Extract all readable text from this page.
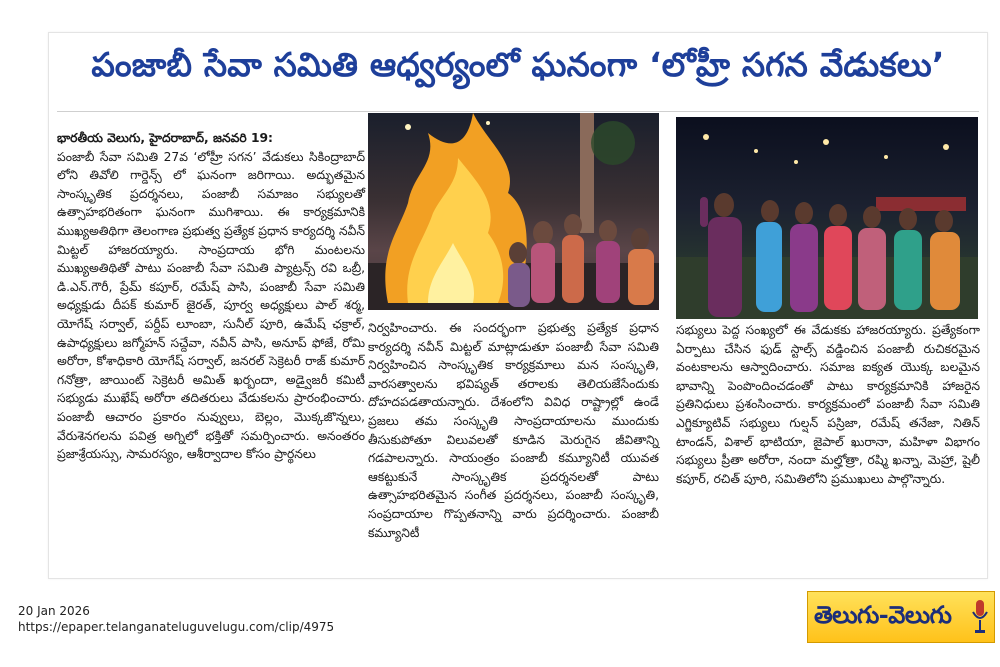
పంజాబీ సేవా సమితి ఆధ్వర్యంలో ఘనంగా ‘లోహ్రీ సగన వేడుకలు’

భారతీయ వెలుగు, హైదరాబాద్, జనవరి 19:
పంజాబీ సేవా సమితి 27వ ‘లోహ్రీ సగన’ వేడుకలు సికింద్రాబాద్ లోని తివోలి గార్డెన్స్ లో ఘనంగా జరిగాయి. అద్భుతమైన సాంస్కృతిక ప్రదర్శనలు, పంజాబీ సమాజం సభ్యులతో ఉత్సాహభరితంగా ఘనంగా ముగిశాయి. ఈ కార్యక్రమానికి ముఖ్యఅతిథిగా తెలంగాణ ప్రభుత్వ ప్రత్యేక ప్రధాన కార్యదర్శి నవీన్ మిట్టల్ హాజరయ్యారు. సాంప్రదాయ భోగి మంటలను ముఖ్యఅతిథితో పాటు పంజాబీ సేవా సమితి ప్యాట్రన్స్ రవి ఒబ్రీ, డి.ఎన్.గౌరీ, ప్రేమ్ కపూర్, రమేష్ పాసి, పంజాబీ సేవా సమితి అధ్యక్షుడు దీపక్ కుమార్ జైరత్, పూర్వ అధ్యక్షులు పాల్ శర్మ, యోగేష్ సర్వాల్, పర్దీప్ లూంబా, సునీల్ పూరి, ఉమేష్ ఛక్రాల్, ఉపాధ్యక్షులు జగ్మోహన్ సచ్దేవా, నవీన్ పాసి, అనూప్ ఫోజే, రోమి అరోరా, కోశాధికారి యోగేష్ సర్వాల్, జనరల్ సెక్రెటరీ రాజ్ కుమార్ గనోత్రా, జాయింట్ సెక్రెటరీ అమిత్ ఖర్బందా, అడ్వైజరీ కమిటీ సభ్యుడు ముఖేష్ అరోరా తదితరులు వేడుకలను ప్రారంభించారు. పంజాబీ ఆచారం ప్రకారం నువ్వులు, బెల్లం, మొక్కజొన్నలు, వేరుశెనగలను పవిత్ర అగ్నిలో భక్తితో సమర్పించారు. అనంతరం ప్రజాశ్రేయస్సు, సామరస్యం, ఆశీర్వాదాల కోసం ప్రార్థనలు

నిర్వహించారు. ఈ సందర్భంగా ప్రభుత్వ ప్రత్యేక ప్రధాన కార్యదర్శి నవీన్ మిట్టల్ మాట్లాడుతూ పంజాబీ సేవా సమితి నిర్వహించిన సాంస్కృతిక కార్యక్రమాలు మన సంస్కృతి, వారసత్వాలను భవిష్యత్ తరాలకు తెలియజేసేందుకు దోహదపడతాయన్నారు. దేశంలోని వివిధ రాష్ట్రాల్లో ఉండే ప్రజలు తమ సంస్కృతి సాంప్రదాయాలను ముందుకు తీసుకుపోతూ విలువలతో కూడిన మెరుగైన జీవితాన్ని గడపాలన్నారు. సాయంత్రం పంజాబీ కమ్యూనిటీ యువత ఆకట్టుకునే సాంస్కృతిక ప్రదర్శనలతో పాటు ఉత్సాహభరితమైన సంగీత ప్రదర్శనలు, పంజాబీ సంస్కృతి, సంప్రదాయాల గొప్పతనాన్ని వారు ప్రదర్శించారు. పంజాబీ కమ్యూనిటీ

సభ్యులు పెద్ద సంఖ్యలో ఈ వేడుకకు హాజరయ్యారు. ప్రత్యేకంగా ఏర్పాటు చేసిన ఫుడ్ స్టాల్స్ వడ్డించిన పంజాబీ రుచికరమైన వంటకాలను ఆస్వాదించారు. సమాజ ఐక్యత యొక్క బలమైన భావాన్ని పెంపొందించడంతో పాటు కార్యక్రమానికి హాజరైన ప్రతినిధులు ప్రశంసించారు. కార్యక్రమంలో పంజాబీ సేవా సమితి ఎగ్జిక్యూటివ్ సభ్యులు గుల్షన్ పస్రిజా, రమేష్ తనేజా, నితిన్ టాండన్, విశాల్ భాటియా, జైపాల్ ఖురానా, మహిళా విభాగం సభ్యులు ప్రీతా అరోరా, నందా మల్హోత్రా, రష్మి ఖన్నా, మెహ్రా, షైలీ కపూర్, రచిత్ పూరి, సమితిలోని ప్రముఖులు పాల్గొన్నారు.

20 Jan 2026
https://epaper.telanganateluguvelugu.com/clip/4975	తెలుగు-వెలుగు
